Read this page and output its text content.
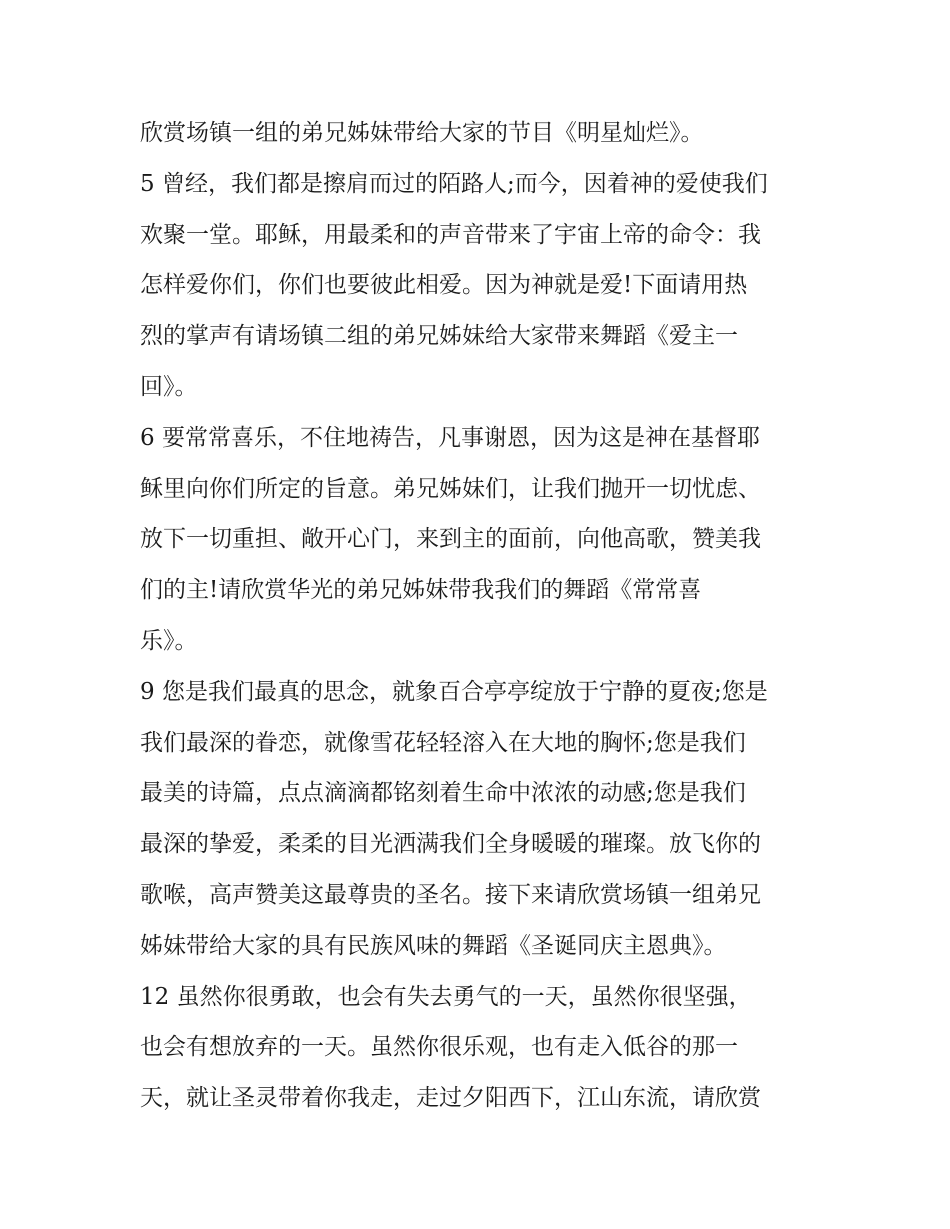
欣赏场镇一组的弟兄姊妹带给大家的节目《明星灿烂》。
5 曾经，我们都是擦肩而过的陌路人;而今，因着神的爱使我们
欢聚一堂。耶稣，用最柔和的声音带来了宇宙上帝的命令：我
怎样爱你们，你们也要彼此相爱。因为神就是爱!下面请用热
烈的掌声有请场镇二组的弟兄姊妹给大家带来舞蹈《爱主一
回》。
6 要常常喜乐，不住地祷告，凡事谢恩，因为这是神在基督耶
稣里向你们所定的旨意。弟兄姊妹们，让我们抛开一切忧虑、
放下一切重担、敞开心门，来到主的面前，向他高歌，赞美我
们的主!请欣赏华光的弟兄姊妹带我我们的舞蹈《常常喜
乐》。
9 您是我们最真的思念，就象百合亭亭绽放于宁静的夏夜;您是
我们最深的眷恋，就像雪花轻轻溶入在大地的胸怀;您是我们
最美的诗篇，点点滴滴都铭刻着生命中浓浓的动感;您是我们
最深的挚爱，柔柔的目光洒满我们全身暖暖的璀璨。放飞你的
歌喉，高声赞美这最尊贵的圣名。接下来请欣赏场镇一组弟兄
姊妹带给大家的具有民族风味的舞蹈《圣诞同庆主恩典》。
12 虽然你很勇敢，也会有失去勇气的一天，虽然你很坚强，
也会有想放弃的一天。虽然你很乐观，也有走入低谷的那一
天，就让圣灵带着你我走，走过夕阳西下，江山东流，请欣赏
